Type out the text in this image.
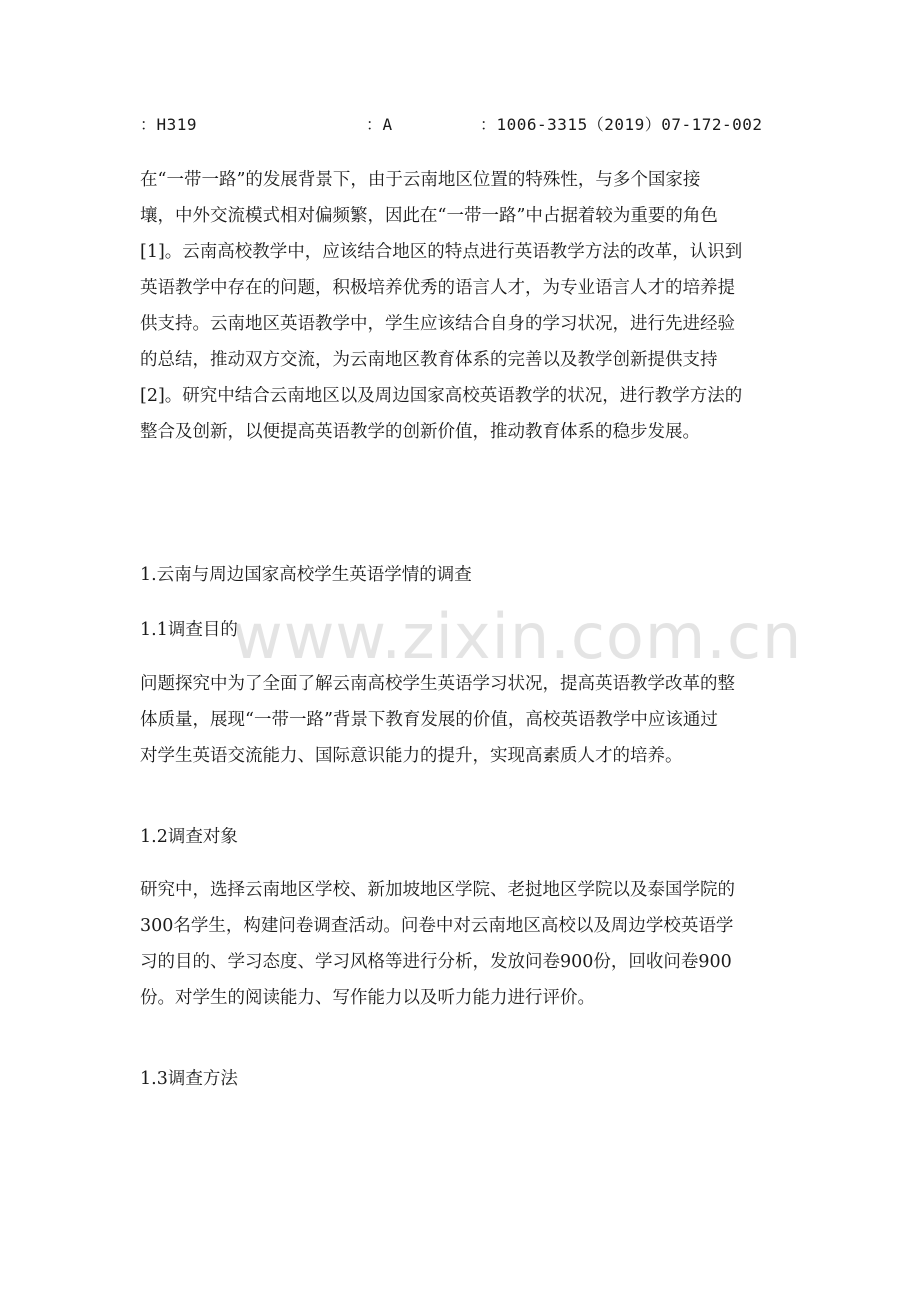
：H319	：A	：1006-3315（2019）07-172-002
在“一带一路”的发展背景下，由于云南地区位置的特殊性，与多个国家接
壤，中外交流模式相对偏频繁，因此在“一带一路”中占据着较为重要的角色
[1]。云南高校教学中，应该结合地区的特点进行英语教学方法的改革，认识到
英语教学中存在的问题，积极培养优秀的语言人才，为专业语言人才的培养提
供支持。云南地区英语教学中，学生应该结合自身的学习状况，进行先进经验
的总结，推动双方交流，为云南地区教育体系的完善以及教学创新提供支持
[2]。研究中结合云南地区以及周边国家高校英语教学的状况，进行教学方法的
整合及创新，以便提高英语教学的创新价值，推动教育体系的稳步发展。
1.云南与周边国家高校学生英语学情的调查
1.1调查目的
问题探究中为了全面了解云南高校学生英语学习状况，提高英语教学改革的整
体质量，展现“一带一路”背景下教育发展的价值，高校英语教学中应该通过
对学生英语交流能力、国际意识能力的提升，实现高素质人才的培养。
1.2调查对象
研究中，选择云南地区学校、新加坡地区学院、老挝地区学院以及泰国学院的
300名学生，构建问卷调查活动。问卷中对云南地区高校以及周边学校英语学
习的目的、学习态度、学习风格等进行分析，发放问卷900份，回收问卷900
份。对学生的阅读能力、写作能力以及听力能力进行评价。
1.3调查方法
www.zixin.com.cn
